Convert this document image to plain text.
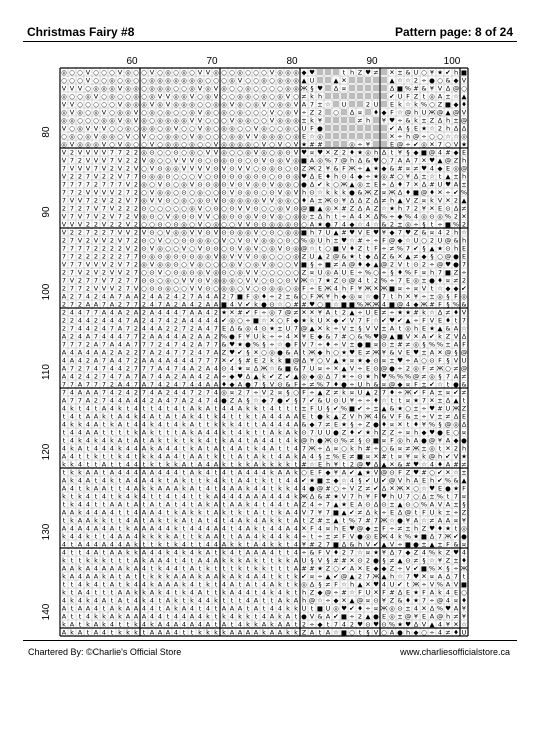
Christmas Fairy #8	Pattern page: 8 of 24
◎ ○ ○ V ○ ○ ○ V ◎ ○ ○ V ○ ◎ ○ ◎ ○ V V ◎ ○ ○ ◎ ○ ○ ○ V ◎ ◎ ◎ ◆ ♥	t h Z ♥ ≠ ✕ ± & U ○ ¥ ★ ✔ h ■
○ ○ ○ V ○ ○ ◎ ○ ◎ ○ ○ ◎ ◎ ◎ ◎ ◎ ◎ ◎ ○ ○ ○ ◎ V ○ ○ ◎ ○ ◎ ◎ ◎ ▲ U	▲ ✕	▲ ☆ ☆ 2 ÷ ● ○ & ◆ V
V V V ○ ◎ ◎ ◎ V ◎ ◎ ○ ◎ ◎ ◎ ○ ○ ◎ V ◎ V ◎ ○ ○ ◎ ○ ○ ○ ○ ◎ ◎ Ж § ♥ ∆ ¤	∆ ■ % # & ¥ V ∆ @ ○
◎ ○ ○ ◎ V ○ ◎ ○ ○ ◎ ○ ◎ V V ◎ ◎ V ○ ◎ V ○ ○ ◎ ◎ ○ ◎ ○ ◎ V ○ ≠ k h	✔ U F Z t ◎ A ± ☆ ▲
V V ○ ○ ○ ○ ○ V ◎ ◎ ◎ V ◎ V ◎ ◎ ◎ ○ ○ ◎ ◎ V ◎ ○ ◎ V ○ ◎ ◎ V A 7 ± ☆ U	2 U E k ☆ k % ○ Z ■ ◆ ♦
◎ V ◎ ○ ◎ V ○ ◎ ◎ V ○ ◎ ○ ◎ ○ ○ ◎ V ◎ ○ ◎ ○ ◎ ○ ○ ○ V ○ ◎ V ÷ Z 2 ○ ∆ ¤ ♦ ◆ F ☆ @ h U Ж @ ▲ @ V
◎ ◎ ○ ○ ○ ◎ ◎ V ◎ V ◎ ○ ◎ ◎ ◎ ◎ V V ○ ○ ○ V ◎ ◎ ○ ○ V ◎ ◎ ◎ ± k ¥	≠ h ¥ ♥ ÷ & k ± Z ∆ h ± @
V ○ ◎ V V V ○ ○ ◎ ○ ◎ ◎ ○ ◎ V ○ ○ V ◎ ○ ◎ ◎ ○ ○ V ◎ ○ ○ ◎ ○ U F ●	✔ A § E ★ ☆ 2 h ∆ ∆
○ ◎ ○ ◎ V ◎ ◎ ○ V ○ V ○ ○ ◎ ◎ ○ V ◎ ○ ○ ○ ◎ ◎ V V ◎ ◎ ◎ ○ ◎ E ☆ ◎	✕ ÷ h @ ÷ ○ ○ ☆ ☆ ◎
◎ V ◎ ◎ ◎ V ○ V ◎ ○ ○ V ○ ◎ ◎ ○ ◎ ○ ○ V ◎ ◎ ◎ ◎ ○ V ○ V ○ V ★ # #	◎ ÷ ¥	E @ ÷ ✔ ◎ ✕ 7 ○ V ★
V 2 V V V V 7 7 2 2 ◎ ⊙ ○ ○ ⊙ ○ ◎ ○ V V ◎ ○ ○ ◎ V ◎ ○ ◎ ⊙ V ♥ ¤ ♥ ✕ Z 2 ♦ ★ ◎ h ∆ t ¥ § ◆ ■ @ 4 # ◆ E
V 7 2 V V V 7 V 2 2 V ◎ ○ ○ V V V ⊙ ○ ⊙ ◎ ⊙ ⊙ ○ ⊙ V ⊙ ◎ V ◎ ■ A ◎ % 7 @ h ∆ & ♥ ○ 7 A A 7 ✕ ♥ ▲ @ Z h
7 V V V 7 V 2 V 2 V ○ V ⊙ ◎ ◎ V V V V ⊙ V ⊙ V V ○ ⊙ ◎ ⊙ ○ ⊙ Z Ж 2 ¥ & F Ж ÷ ▲ ★ ◆ & # ¤ ≠ ♥ 4 ◆ E ◎ @
V 2 2 7 V 2 2 V 7 7 ⊙ ◎ ◎ ⊙ ○ ○ ○ V ○ ⊙ ⊙ ⊙ ⊙ ◎ ⊙ ⊙ ○ ⊙ ⊙ ◎ ♥ ∆ E ♦ h ⊙ 4 ◆ ÷ ★ ◎ # ○ ¥ ∆ ± ☆ t ▲ ± h
7 7 7 7 2 7 7 7 V 2 ◎ ○ V ⊙ ○ ◎ V ⊙ ⊙ ◎ ⊙ V ⊙ V ◎ ⊙ V ◎ ◎ ○ ● ∆ ✔ k ○ Ж ▲ ◎ ± E ÷ ∆ ♦ 7 ✕ ∆ # U ♥ A ±
7 7 2 V V V V 2 7 2 ○ V ◎ ◎ ○ ⊙ ○ ◎ ○ ○ ⊙ V ⊙ ◎ ⊙ ○ ⊙ V ◎ V h ⊙ ☆ k k k ● & Ж Z ¤ Ж ∆ ♦ ■ @ ♦ ✕ ÷ ✔ %
7 V V 7 2 V 2 2 V 7 ◎ V V ⊙ ○ ◎ ○ ◎ ⊙ V ⊙ ◎ ◎ ◎ ◎ V V ◎ ◎ ○ ♦ A ± Ж ⊙ ¥ ∆ ∆ Z ∆ ≠ h ▲ V Z ¤ k V ✕ 2 ▲
2 7 2 7 V 7 V 2 2 2 ⊙ ○ ○ ○ ○ ○ ◎ V ○ ⊙ ○ ⊙ V V ⊙ ○ ○ ◎ V ⊙ @ ■ ▲ ◎ ✕ # Z ∆ A Z ☆ ★ h 7 2 ¥ ✕ E ⊙ ∆ ≠
V 7 V 7 V 2 V 7 2 V ◎ ⊙ ○ V ◎ ⊙ ⊙ V V ○ ◎ ⊙ ⊙ ◎ V ⊙ V ◎ ○ ◎ ◎ ± ∆ h t ÷ A 4 ✕ ∆ % ÷ ◆ % 4 ◎ ⊙ ◎ % 2 ✕
V V V 2 2 V 2 2 V 2 ○ ○ ⊙ ○ ⊙ ◎ ○ V ○ ◎ ○ ○ V V ⊙ ⊙ ◎ ◎ ◎ ⊙ ○ A ★ ● 7 4 ◆ ☆ 4 ☆ & 2 ± ◎ ÷ § t ÷ ■ % 2
V 2 2 7 2 2 7 V V 2 V ⊙ ○ V ◎ ◎ V V ⊙ V ⊙ ⊙ ◎ ◎ V ○ ⊙ ○ ◎ ◎ ■ h 7 U ▲ # ♥ V E ♥ ¥ ◆ 7 ♥ Z & ¤ 4 2 h ☆
2 7 V 2 V V 2 V 7 2 ⊙ ○ V ○ ○ ⊙ ⊙ ◎ ◎ ○ V ○ V ⊙ V ◎ ◎ ○ ⊙ ○ % ◎ U h ± ♥ ☆ # ÷ ÷ F @ ◆ ☆ U ○ 2 U @ & h
7 7 7 7 2 2 2 2 V 2 ⊙ V ◎ ○ ○ V ○ V ⊙ ⊙ ○ ⊙ V ◎ V ○ ◎ V ⊙ ◎ @ ☆ t ○ ■ V ♦ Z t F ÷ ≠ % 7 ✔ § ▲ ★ ⊙ h E
7 7 2 2 2 2 2 2 7 7 ⊙ ◎ ⊙ ◎ ⊙ ⊙ ⊙ ◎ ◎ V ◎ V V V ⊙ ◎ ○ ○ ○ ◎ Z U ▲ 2 @ & ★ t ◆ ∆ Z & ✕ ▲ ≠ ◆ § ○ @ ● E
V 7 7 V V V 2 V 7 2 ◎ V ◎ ◎ ⊙ ○ V ◎ ○ ○ ○ ◎ V ○ ◎ V ◎ ○ ○ V ■ § ÷ ■ ≠ A @ ♦ ◆ ▲ @ 2 V t ⊙ 2 ÷ @ ♥ ● 7
2 7 V 2 V 2 V V 2 7 ○ ⊙ V ○ ⊙ ◎ ⊙ ◎ V ◎ ⊙ ○ ◎ V V ○ ○ ○ ○ ○ Z ¤ U ◎ A U E ÷ % ○ ÷ § ♦ % F ¤ h 7 ■ Z ÷
7 V 2 7 7 V 7 2 7 7 ⊙ ⊙ ○ ◎ ○ V V ⊙ V ◎ ◎ ◎ ○ V V ○ ⊙ ○ ⊙ V Ж ☆ 7 ★ Z ⊙ @ 4 t 2 % ÷ 7 E ◎ ± ● ♦ ¤ ≠ 2
2 7 7 2 V V V 2 7 V ○ ⊙ ⊙ ◎ ○ ○ V V ⊙ ○ ◎ ◎ ○ V ○ ⊙ ◎ ◎ ○ ◎ F ÷ E Ж 4 h F ¥ Ж ✕ Ж ■ ¤ ÷ ¤ V t ☆ ◆ ◆ ✔
A 2 7 4 2 4 A 7 A A 2 4 A 2 4 2 7 A 4 A 2 7 ■ F ◎ ♦ ÷ 2 ± & ○ F Ж ¥ h ◆ ◎ ¤ ☆ ● 7 t h ✕ ¥ ÷ ± ◎ § F ◎
2 7 2 A A 7 A 2 7 7 2 4 7 A 2 A 4 2 A A ■ 4 V ✔ k ● ⊙ ☆ ○ # # ♥ ○ ■ ☆ ■ ■ % Ж Ж 4 ■ @ 4 ◆ Ж # F § % &
2 4 4 7 7 A 4 A 2 A 2 A 4 4 4 7 A A 4 2 ★ ✕ # ✔ F ÷ ◎ 7 @ ≠ ✕ ✕ ¥ A t 2 ▲ ÷ U E ≠ ÷ ★ ★ # k ☆ ∆ ≠ ♦ V
2 2 4 4 2 4 4 4 7 A 2 4 7 4 2 A 4 4 4 4 ✔ ◎ ○ ÷ ■ ☆ ✕ ○ F ◆ ★ k U ✕ ◆ ✔ V 7 F ☆ ✔ ♥ ✔ ▲ ÷ F V E ♦ t 7
2 7 4 4 2 4 7 A 7 2 4 4 A 2 2 7 2 A 4 7 E ∆ & ◎ 4 ⊙ ★ ± U 7 @ ▲ ✕ k ÷ V ± § V V ± A t ◎ h E ★ ▲ & A ☆
A 2 4 A 7 4 4 4 7 7 2 A A 4 4 A 2 A A 2 % ● F ¥ U k ÷ ÷ 4 ✕ ¥ E ◆ & 7 # ○ & % ♥ @ ▲ ■ V ✕ A ✔ k Z V ∆
7 7 7 2 A 7 A 4 A 7 7 7 2 4 7 4 2 A 7 7 & ♥ ★ ● % § ÷ ☆ ● F V 7 ÷ ♦ ÷ V ± ● ■ ¤ ⊙ ± # ≠ ◎ § % % ± A F
A 4 A 4 A A 2 A 2 2 7 A 2 4 7 7 2 4 7 A Z ♥ ✔ § ✕ ○ ◎ ● & A t Ж ◆ h ○ ★ ♥ E ≠ Ж ¥ & V E ♥ ± A ✕ @ § @
4 A 4 2 A 7 A 4 7 2 A A 4 A 4 4 4 7 7 7 ✕ ✔ § # E 2 k k ■ @ ∆ ¥ ○ V ▲ ★ ¤ ★ ◆ ⊙ ¤ ± ♥ ÷ A ○ ⊙ F § V U
A 7 2 7 4 7 4 4 2 7 7 7 A 4 7 4 A 2 A 4 ⊙ 4 ★ ¤ ∆ Ж ☆ & ■ & 7 U ¤ ÷ ✕ ▲ V ÷ E ⊙ @ ● ÷ 2 ◎ F ≠ Ж ○ ≠ @
A 4 2 4 2 7 4 7 A 7 A 7 4 A 2 A A 4 2 A ÷ ◆ ♥ ∆ ▲ k ✔ Z ✔ ▲ ◎ ◆ ◎ ∆ 7 ★ ÷ ⊙ ★ h ♥ % % % @ ≠ ◎ § 7 A ≠
7 7 A 7 7 7 2 A 4 7 A 7 4 2 4 7 4 4 A A ♦ ◆ A ● 7 § V ⊙ & F ÷ ≠ % 7 ♦ ● ÷ U h & ¤ @ ◆ ¤ F ± ✔ ☆ t ● &
7 4 A A A 7 4 2 4 2 7 4 A 2 4 4 7 2 7 4 ◎ ¤ 2 7 ÷ V 2 ¤ § ○ F ÷ ▲ Z ≠ k ¤ U ▲ 2 7 ♦ ÷ Ж ✔ F A ± ¤ ✔ ≠
A 7 7 A 2 7 4 4 A 4 4 2 A 4 7 A 2 4 7 4 ● Z A § ☆ ◆ 7 ● ✔ § 7 ✔ & U ⊙ U ¥ ÷ ÷ ♦ ☆ t t ¤ ★ 7 ✕ ± ∆ ▲ t
4 k t 4 t A 4 k t 4 t t 4 t 4 t A k A t 4 4 A k k t 4 t t t ± F U § ✔ % ■ ✔ ÷ ± ▲ & ★ ○ ± ÷ ♥ # U Ж Z
t 4 t A A k t A 4 k 4 A t A t A k 4 t k 4 t t k t A 4 4 A A E t ● k ▲ Z V h Ж 4 & V F & ± ÷ V ± ≠ ∆ E
4 k k 4 A t k A t 4 4 k 4 t 4 k A t t k k k 4 t t A 4 4 4 A & ◆ 7 ≠ E ★ § ÷ Z ● ♦ ¤ ✕ t ♦ ¥ % § @ ◎ ∆
t 4 4 A A t t t t k A k t t t A k A 4 4 k t 4 k t t A k A k ⊙ 7 U U ● Z ♦ ✔ ★ h Z Z ÷ ¤ h ◆ ♥ ● E ○ ¤
t 4 k 4 k 4 k A t A t A k t k t k k 4 t k A 4 t A 4 4 t 4 k @ h ● Ж ⊙ % ≠ § ⊙ ■ ¤ F ◎ h A ● @ ¥ A ◆ ●
4 k A t 4 4 4 k 4 4 A k A 4 4 t k A t A t 4 A t k 4 A t t 4 7 Ж ÷ ∆ ¤ ○ k h # ÷ ○ & ¤ ≠ Ж ± ◎ t ✕ 2 h
A 4 t t k t t k 4 t k k 4 A 4 t A A t k t t A t A k t 4 A k A 4 § ± % E ≠ ■ ¤ ✕ # t ¤ ¥ ¤ k @ h ✔ V ★
k k 4 t t A t t 4 4 t k t k k A t A 4 A k t k k A k k k k t # ☆ E h ¥ t 2 @ ♥ ∆ ▲ ✕ & # ♥ ☆ 4 ♦ A # ≠
t k k A A t A 4 4 4 A A 4 4 4 t A k 4 t 4 t A 4 4 4 k A A k ○ E F ◆ ¥ A ✔ ▲ ★ V @ ⊙ F Z ♥ # ○ ✔ ✕ ☆ ±
A k 4 A t 4 k t A 4 A 4 k t A k t t k 4 k t A 4 t k t t 4 4 ✔ ★ ■ ± ◆ ☆ 4 § ✔ U ✔ @ V h A E h ✔ % & ▲
A 4 t k A A t t 4 A k k A A A k A t 4 t 4 A A k 4 4 t k k 4 4 ● @ # ○ ÷ V Z ≠ ✔ ∆ ✕ Ж ✕ ○ ☆ ♥ E ● ★ F
k t k 4 t 4 t k 4 k 4 t t 4 t 4 t t k A 4 4 4 A A A 4 4 4 k Ж ∆ & # ★ V 7 h ¥ F ♥ h U 7 ○ ∆ ± % t 7 ¤
t k 4 4 t t A A t A t A t A t 4 t A k A t A A k 4 t 4 4 t A Z 4 ÷ 7 ▲ ★ E A ⊙ ∆ ⊙ ± ▲ ⊙ ○ % A V A ± §
A A k 4 4 A 4 t t 4 A A 4 t k A k k t A k t k t A t t k A 4 V 7 ¥ 7 ■ ▲ ✔ ≠ ∆ k ÷ E ∆ @ t F U k ± ÷ Z
t k A A k k t t 4 A t A k t k A t A t 4 t 4 A k 4 A k k t A t Z # ± ▲ t % 7 # 7 Ж ☆ ● ¥ A ☆ ≠ A A ¤ ¥
A 4 A 4 A 4 A t k A A A 4 4 k t 4 4 4 A 4 t 4 A k t 4 4 A 4 ✕ F 4 ¤ h E ♥ @ ◆ ± F ÷ ≠ ± h Z ♥ ♦ ★ t ◎
k 4 4 k t t 4 A A 4 k k k k A t t k A A t t A A 4 k 4 4 k 4 ÷ t ÷ ± ≠ F V ● ◎ E Ж 4 k % ★ ■ ∆ 7 Ж ✔ ●
4 t A 4 4 A 4 4 A k t t k t k 4 t t 4 4 A k k t A 4 k k t 4 ¥ # 2 7 ■ ∆ & h V ✔ ▲ V ÷ ■ ● ± ▲ ± F & ¤
4 t t 4 A t A A k k A 4 4 k 4 k 4 k A t k 4 t A A A 4 t t 4 ÷ & F V ♦ 2 7 ☆ ¤ ★ ¥ ∆ 7 ◆ Z 4 % k Z ♥ 4
k t t k k k t t t A k A A 4 t 4 t A 4 A k k k A k t t k k A U § V § # # ✕ ⊙ 2 ● § ≠ ▲ ⊙ ≠ § ☆ ¥ Z ± ♦
A A k A 4 A A A k A 4 t k 4 4 t A t k t t t k t k k t t t A # # ★ Z ○ ✔ A ✕ E ◆ ◆ Z ÷ V ✔ ■ % ✕ § ÷ Ж
k A 4 A A k A t A t t k k k A A A k A A k A k 4 A 4 t k t k ✔ ¤ ÷ ▲ ✔ @ ▲ 2 7 Ж ▲ h ☆ 7 ♥ ✕ ¤ A ∆ 7 t
t t 4 k 4 t A t k 4 4 k A A A k 4 t k t 4 A t A t 4 A k t k ◎ ∆ § ≠ F ☆ h ▲ ✕ ♥ 4 U ✔ t Ж ÷ V % A V ■
k t A 4 t t t A A k k A k 4 t k 4 A t t k A 4 4 t 4 k 4 k t h Z ◆ @ ÷ # ☆ F U ✕ F # ∆ E ★ F A k 4 E ○
4 k 4 k 4 A t A t 4 k 4 t A k t k 4 4 k t t t 4 A t t A k A h @ ☆ ÷ ◆ ✕ ▲ @ ¤ ⊙ ¥ Z & ♦ ★ 7 ÷ @ 4 ¤ ♦
A t A A 4 t A k A A 4 4 t A k A 4 t 4 t A A A t A t 4 4 k k U t ■ U ◎ ♥ ✔ ♦ ÷ ¤ Ж ◎ ⊙ ± 4 ✕ ∆ % ♥ A ¥
A t t 4 k k A k A A A 4 4 t 4 4 A 4 k t k 4 k k t 4 A k A t ● V & A ✔ ■ ÷ 2 ▲ ● E ◎ ± @ ¥ E A @ h ≠ ¥
k A t k A k 4 t t k 4 k A 4 A 4 A 4 A t A t 4 k k A k A A t 2 ÷ ◆ t 7 4 2 ♥ ⊙ ♥ ⊙ % ★ ♥ ∆ V ▲ 4 ¥ ✕ ☆
A k A t A 4 t k k k t A A A 4 t t k k k k A A A A k A A k k Z A t A ☆ ■ ○ t § V ○ A ● h ◆ ○ ÷ 4 ≠ ♦ U
60	70	80	90	100
80
90
100
110
120
130
140
Chartered By: ©Charlie's Official Store	www.charliesofficialstore.ca
